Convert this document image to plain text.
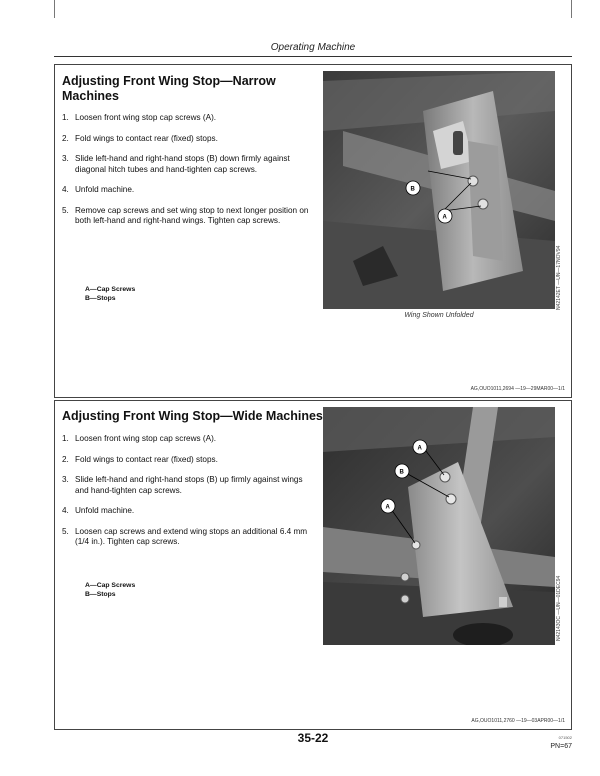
Operating Machine
Adjusting Front Wing Stop—Narrow Machines
1. Loosen front wing stop cap screws (A).
2. Fold wings to contact rear (fixed) stops.
3. Slide left-hand and right-hand stops (B) down firmly against diagonal hitch tubes and hand-tighten cap screws.
4. Unfold machine.
5. Remove cap screws and set wing stop to next longer position on both left-hand and right-hand wings. Tighten cap screws.
A—Cap Screws
B—Stops
B
A
N42142ET —UN—17NOV94
Wing Shown Unfolded
AG,OUO1011,2694 —19—29MAR00—1/1
Adjusting Front Wing Stop—Wide Machines
1. Loosen front wing stop cap screws (A).
2. Fold wings to contact rear (fixed) stops.
3. Slide left-hand and right-hand stops (B) up firmly against wings and hand-tighten cap screws.
4. Unfold machine.
5. Loosen cap screws and extend wing stops an additional 6.4 mm (1/4 in.). Tighten cap screws.
A—Cap Screws
B—Stops
A
B
A
N42143OC —UN—01DEC94
AG,OUO1011,2760 —19—03APR00—1/1
35-22	071502
PN=67
